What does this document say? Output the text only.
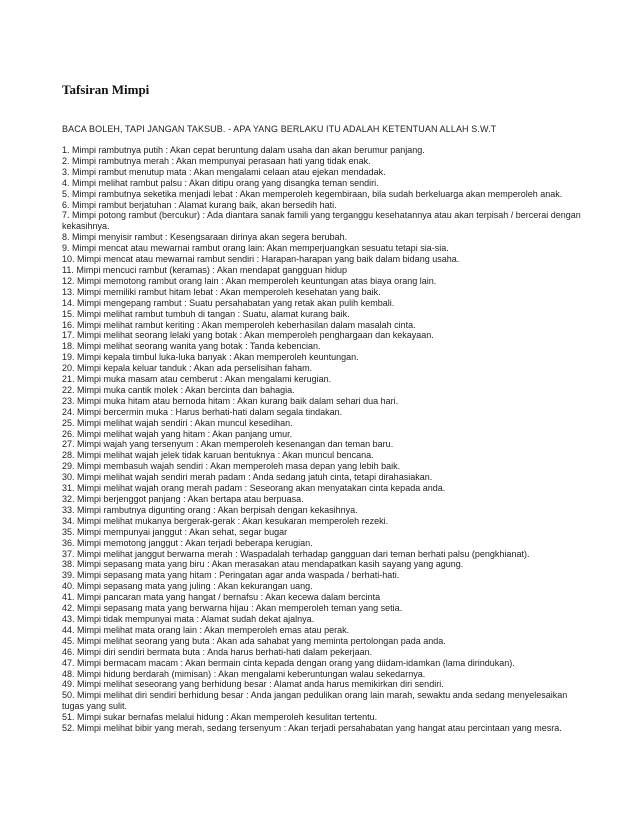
Tafsiran Mimpi

BACA BOLEH, TAPI JANGAN TAKSUB. - APA YANG BERLAKU ITU ADALAH KETENTUAN ALLAH S.W.T

1. Mimpi rambutnya putih : Akan cepat beruntung dalam usaha dan akan berumur panjang.
2. Mimpi rambutnya merah : Akan mempunyai perasaan hati yang tidak enak.
3. Mimpi rambut menutup mata : Akan mengalami celaan atau ejekan mendadak.
4. Mimpi melihat rambut palsu : Akan ditipu orang yang disangka teman sendiri.
5. Mimpi rambutnya seketika menjadi lebat : Akan memperoleh kegembiraan, bila sudah berkeluarga akan memperoleh anak.
6. Mimpi rambut berjatuhan : Alamat kurang baik, akan bersedih hati.
7. Mimpi potong rambut (bercukur) : Ada diantara sanak famili yang terganggu kesehatannya atau akan terpisah / bercerai dengan kekasihnya.
8. Mimpi menyisir rambut : Kesengsaraan dirinya akan segera berubah.
9. Mimpi mencat atau mewarnai rambut orang lain: Akan memperjuangkan sesuatu tetapi sia-sia.
10. Mimpi mencat atau mewarnai rambut sendiri : Harapan-harapan yang baik dalam bidang usaha.
11. Mimpi mencuci rambut (keramas) : Akan mendapat gangguan hidup
12. Mimpi memotong rambut orang lain : Akan memperoleh keuntungan atas biaya orang lain.
13. Mimpi memiliki rambut hitam lebat : Akan memperoleh kesehatan yang baik.
14. Mimpi mengepang rambut : Suatu persahabatan yang retak akan pulih kembali.
15. Mimpi melihat rambut tumbuh di tangan : Suatu, alamat kurang baik.
16. Mimpi melihat rambut keriting : Akan memperoleh keberhasilan dalam masalah cinta.
17. Mimpi melihat seorang lelaki yang botak : Akan memperoleh penghargaan dan kekayaan.
18. Mimpi melihat seorang wanita yang botak : Tanda kebencian.
19. Mimpi kepala timbul luka-luka banyak : Akan memperoleh keuntungan.
20. Mimpi kepala keluar tanduk : Akan ada perselisihan faham.
21. Mimpi muka masam atau cemberut : Akan mengalami kerugian.
22. Mimpi muka cantik molek : Akan bercinta dan bahagia.
23. Mimpi muka hitam atau bernoda hitam : Akan kurang baik dalam sehari dua hari.
24. Mimpi bercermin muka : Harus berhati-hati dalam segala tindakan.
25. Mimpi melihat wajah sendiri : Akan muncul kesedihan.
26. Mimpi melihat wajah yang hitam : Akan panjang umur.
27. Mimpi wajah yang tersenyum : Akan memperoleh kesenangan dan teman baru.
28. Mimpi melihat wajah jelek tidak karuan bentuknya : Akan muncul bencana.
29. Mimpi membasuh wajah sendiri : Akan memperoleh masa depan yang lebih baik.
30. Mimpi melihat wajah sendiri merah padam : Anda sedang jatuh cinta, tetapi dirahasiakan.
31. Mimpi melihat wajah orang merah padam : Seseorang akan menyatakan cinta kepada anda.
32. Mimpi berjenggot panjang : Akan bertapa atau berpuasa.
33. Mimpi rambutnya digunting orang : Akan berpisah dengan kekasihnya.
34. Mimpi melihat mukanya bergerak-gerak : Akan kesukaran memperoleh rezeki.
35. Mimpi mempunyai janggut : Akan sehat, segar bugar
36. Mimpi memotong janggut : Akan terjadi beberapa kerugian.
37. Mimpi melihat janggut berwarna merah : Waspadalah terhadap gangguan dari teman berhati palsu (pengkhianat).
38. Mimpi sepasang mata yang biru : Akan merasakan atau mendapatkan kasih sayang yang agung.
39. Mimpi sepasang mata yang hitam : Peringatan agar anda waspada / berhati-hati.
40. Mimpi sepasang mata yang juling : Akan kekurangan uang.
41. Mimpi pancaran mata yang hangat / bernafsu : Akan kecewa dalam bercinta
42. Mimpi sepasang mata yang berwarna hijau : Akan memperoleh teman yang setia.
43. Mimpi tidak mempunyai mata : Alamat sudah dekat ajalnya.
44. Mimpi melihat mata orang lain : Akan memperoleh emas atau perak.
45. Mimpi melihat seorang yang buta : Akan ada sahabat yang meminta pertolongan pada anda.
46. Mimpi diri sendiri bermata buta : Anda harus berhati-hati dalam pekerjaan.
47. Mimpi bermacam macam : Akan bermain cinta kepada dengan orang yang diidam-idamkan (lama dirindukan).
48. Mimpi hidung berdarah (mimisan) : Akan mengalami keberuntungan walau sekedarnya.
49. Mimpi melihat seseorang yang berhidung besar : Alamat anda harus memikirkan diri sendiri.
50. Mimpi melihat diri sendiri berhidung besar : Anda jangan pedulikan orang lain marah, sewaktu anda sedang menyelesaikan tugas yang sulit.
51. Mimpi sukar bernafas melalui hidung : Akan memperoleh kesulitan tertentu.
52. Mimpi melihat bibir yang merah, sedang tersenyum : Akan terjadi persahabatan yang hangat atau percintaan yang mesra.
